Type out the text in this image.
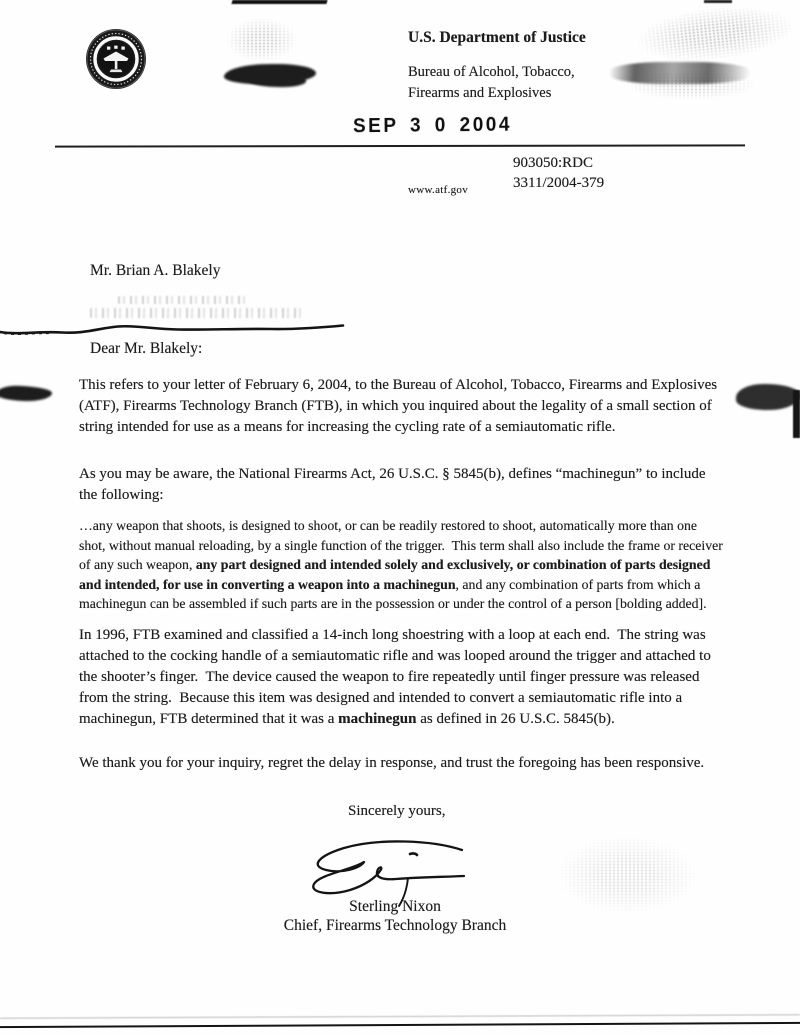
U.S. Department of Justice
Bureau of Alcohol, Tobacco,
Firearms and Explosives
SEP 3 0 2004
903050:RDC
3311/2004-379
www.atf.gov
Mr. Brian A. Blakely
Dear Mr. Blakely:
This refers to your letter of February 6, 2004, to the Bureau of Alcohol, Tobacco, Firearms and Explosives (ATF), Firearms Technology Branch (FTB), in which you inquired about the legality of a small section of string intended for use as a means for increasing the cycling rate of a semiautomatic rifle.
As you may be aware, the National Firearms Act, 26 U.S.C. § 5845(b), defines “machinegun” to include the following:
…any weapon that shoots, is designed to shoot, or can be readily restored to shoot, automatically more than one shot, without manual reloading, by a single function of the trigger.  This term shall also include the frame or receiver of any such weapon, any part designed and intended solely and exclusively, or combination of parts designed and intended, for use in converting a weapon into a machinegun, and any combination of parts from which a machinegun can be assembled if such parts are in the possession or under the control of a person [bolding added].
In 1996, FTB examined and classified a 14-inch long shoestring with a loop at each end.  The string was attached to the cocking handle of a semiautomatic rifle and was looped around the trigger and attached to the shooter’s finger.  The device caused the weapon to fire repeatedly until finger pressure was released from the string.  Because this item was designed and intended to convert a semiautomatic rifle into a machinegun, FTB determined that it was a machinegun as defined in 26 U.S.C. 5845(b).
We thank you for your inquiry, regret the delay in response, and trust the foregoing has been responsive.
Sincerely yours,
Sterling Nixon
Chief, Firearms Technology Branch
